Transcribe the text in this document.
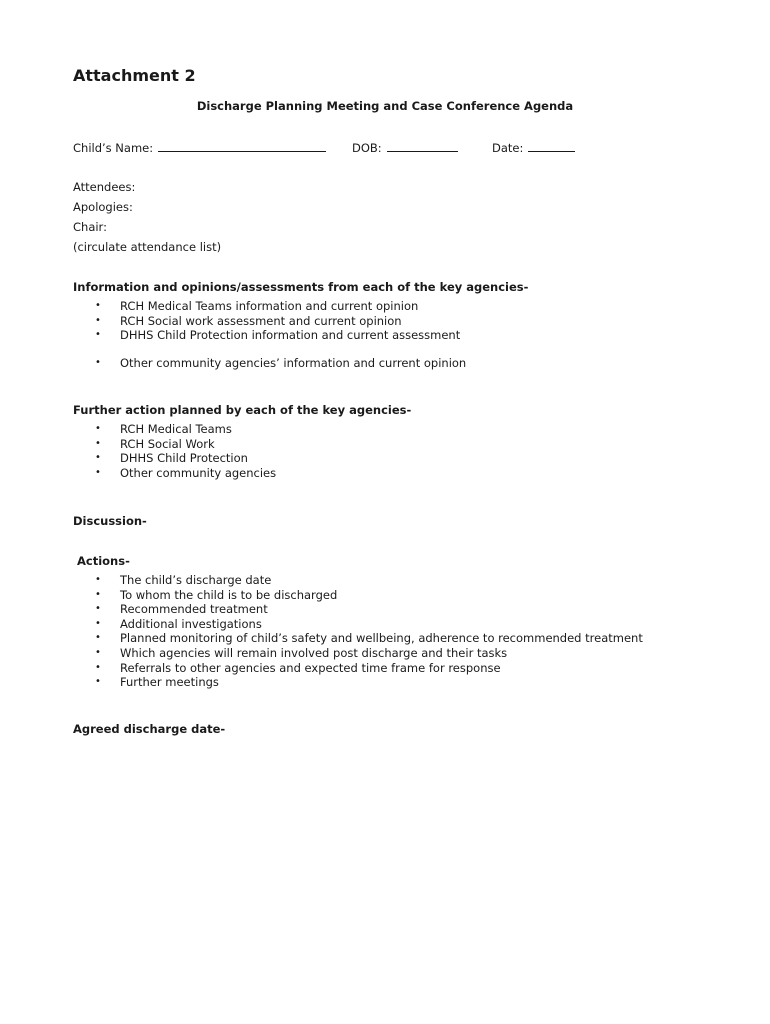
Attachment 2
Discharge Planning Meeting and Case Conference Agenda
Child’s Name:	DOB:	Date:
Attendees:
Apologies:
Chair:
(circulate attendance list)
Information and opinions/assessments from each of the key agencies-
• RCH Medical Teams information and current opinion
• RCH Social work assessment and current opinion
• DHHS Child Protection information and current assessment
• Other community agencies’ information and current opinion
Further action planned by each of the key agencies-
• RCH Medical Teams
• RCH Social Work
• DHHS Child Protection
• Other community agencies
Discussion-
Actions-
• The child’s discharge date
• To whom the child is to be discharged
• Recommended treatment
• Additional investigations
• Planned monitoring of child’s safety and wellbeing, adherence to recommended treatment
• Which agencies will remain involved post discharge and their tasks
• Referrals to other agencies and expected time frame for response
• Further meetings
Agreed discharge date-
